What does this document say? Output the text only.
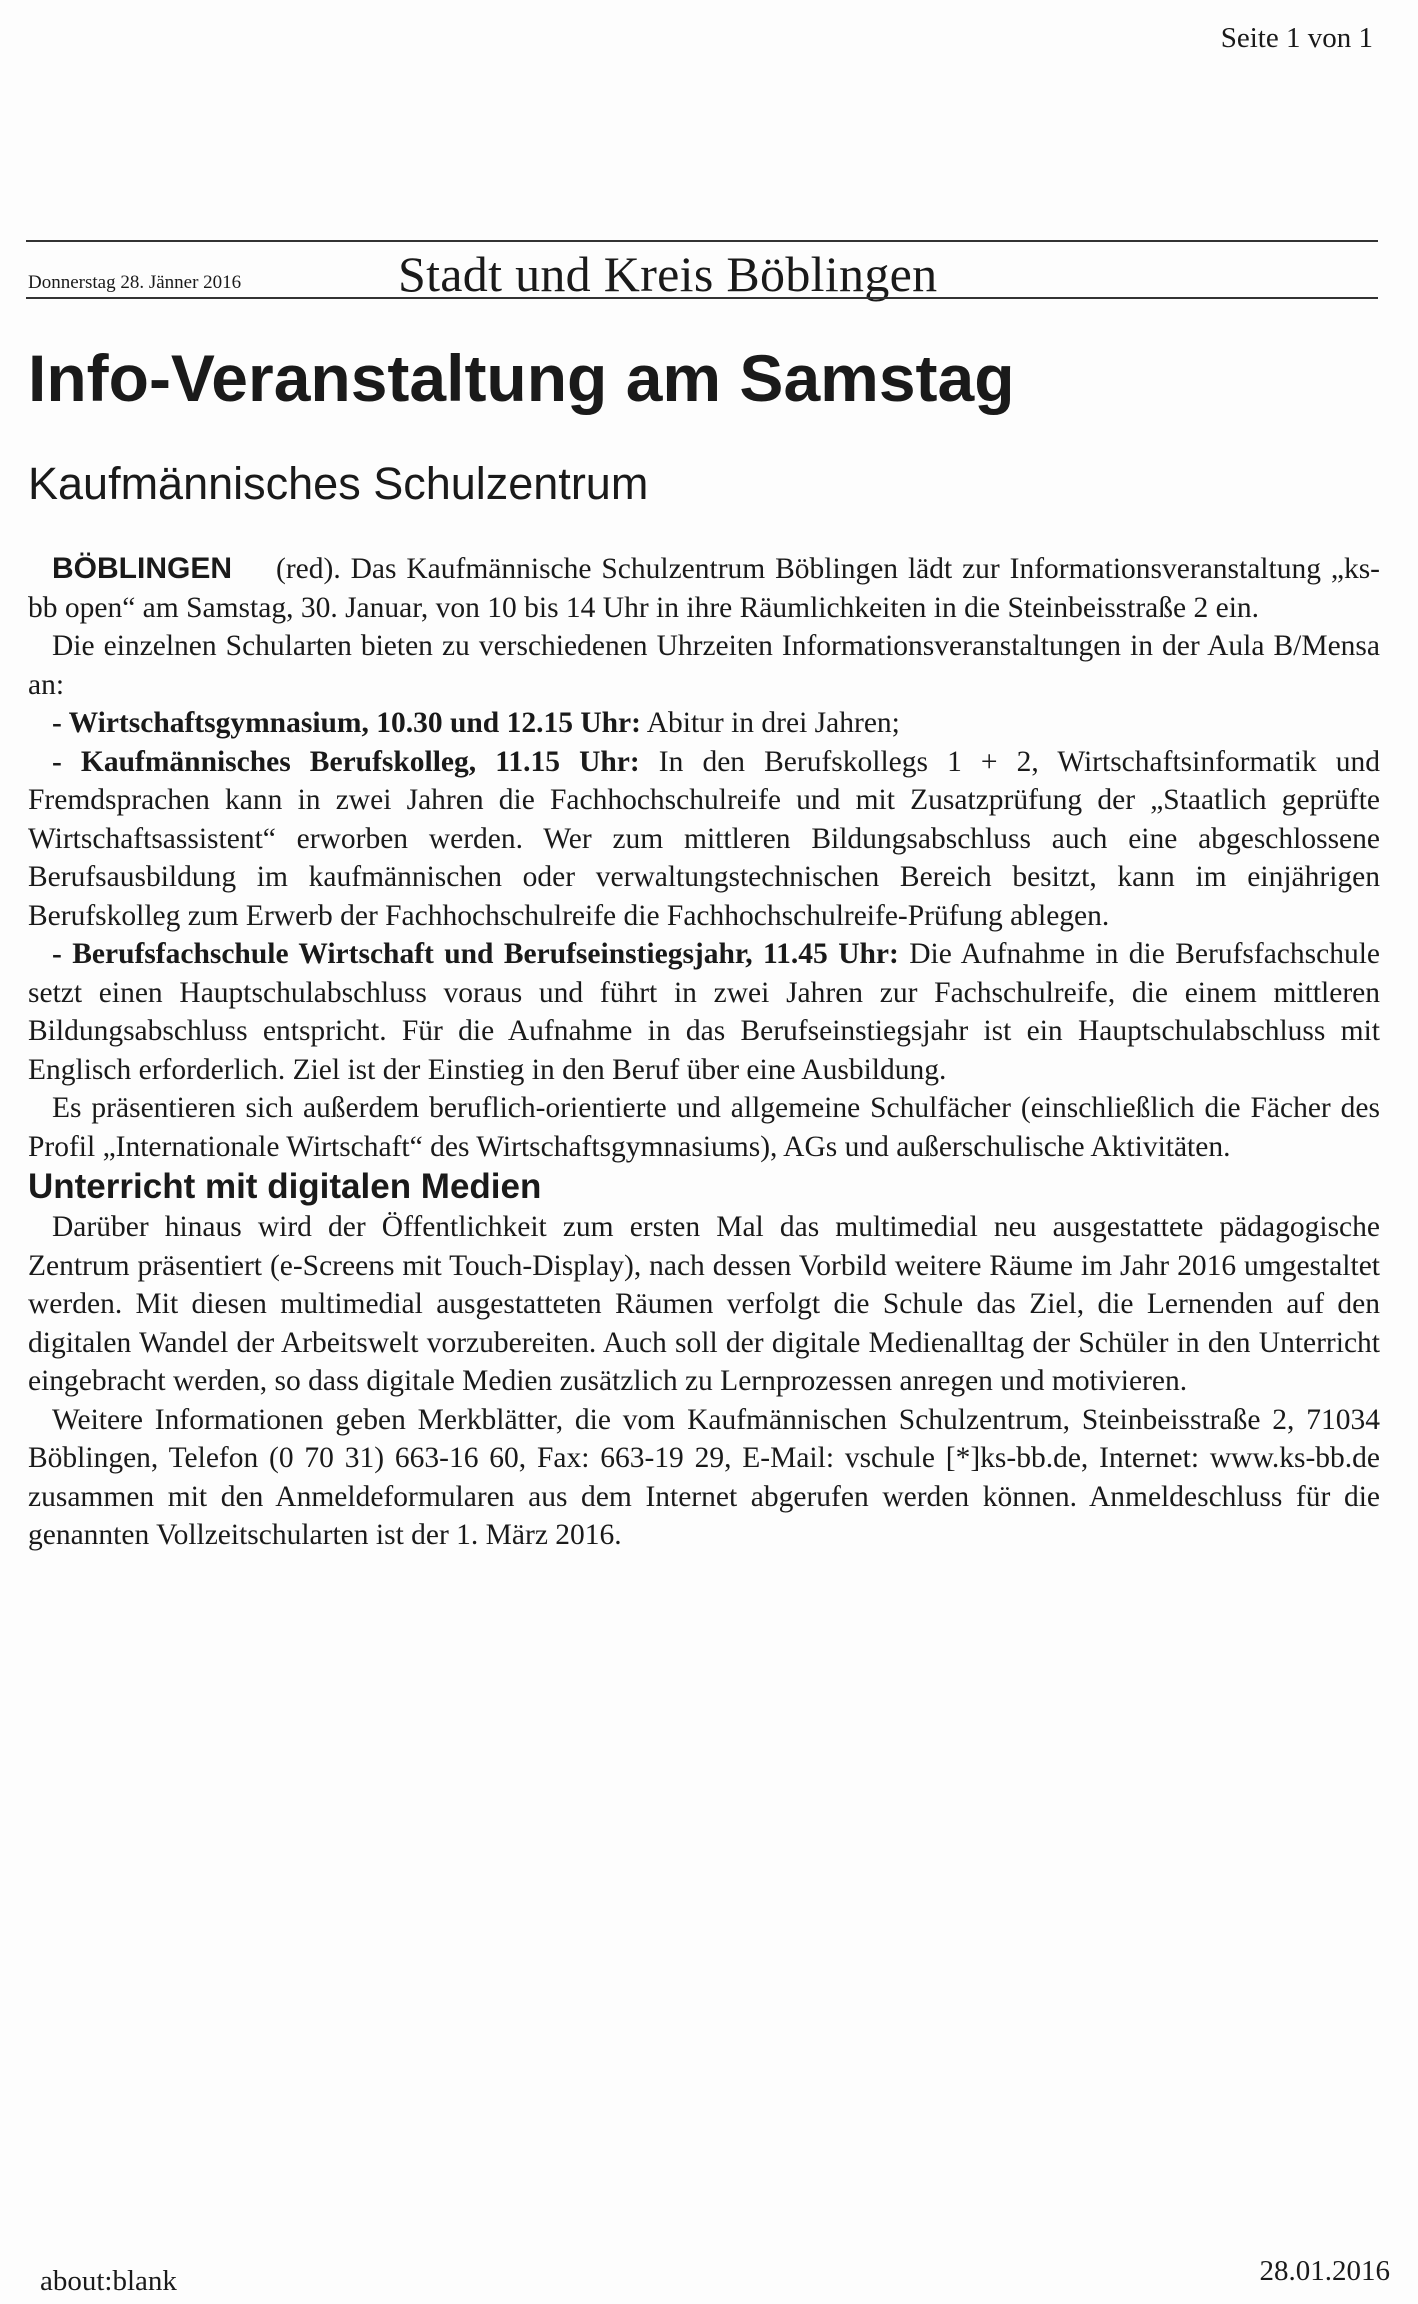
Seite 1 von 1
Donnerstag 28. Jänner 2016	Stadt und Kreis Böblingen
Info-Veranstaltung am Samstag
Kaufmännisches Schulzentrum

BÖBLINGEN (red). Das Kaufmännische Schulzentrum Böblingen lädt zur Informationsveranstaltung „ks-bb open“ am Samstag, 30. Januar, von 10 bis 14 Uhr in ihre Räumlichkeiten in die Steinbeisstraße 2 ein.

Die einzelnen Schularten bieten zu verschiedenen Uhrzeiten Informationsveranstaltungen in der Aula B/Mensa an:

- Wirtschaftsgymnasium, 10.30 und 12.15 Uhr: Abitur in drei Jahren;

- Kaufmännisches Berufskolleg, 11.15 Uhr: In den Berufskollegs 1 + 2, Wirtschaftsinformatik und Fremdsprachen kann in zwei Jahren die Fachhochschulreife und mit Zusatzprüfung der „Staatlich geprüfte Wirtschaftsassistent“ erworben werden. Wer zum mittleren Bildungsabschluss auch eine abgeschlossene Berufsausbildung im kaufmännischen oder verwaltungstechnischen Bereich besitzt, kann im einjährigen Berufskolleg zum Erwerb der Fachhochschulreife die Fachhochschulreife-Prüfung ablegen.

- Berufsfachschule Wirtschaft und Berufseinstiegsjahr, 11.45 Uhr: Die Aufnahme in die Berufsfachschule setzt einen Hauptschulabschluss voraus und führt in zwei Jahren zur Fachschulreife, die einem mittleren Bildungsabschluss entspricht. Für die Aufnahme in das Berufseinstiegsjahr ist ein Hauptschulabschluss mit Englisch erforderlich. Ziel ist der Einstieg in den Beruf über eine Ausbildung.

Es präsentieren sich außerdem beruflich-orientierte und allgemeine Schulfächer (einschließlich die Fächer des Profil „Internationale Wirtschaft“ des Wirtschaftsgymnasiums), AGs und außerschulische Aktivitäten.

Unterricht mit digitalen Medien

Darüber hinaus wird der Öffentlichkeit zum ersten Mal das multimedial neu ausgestattete pädagogische Zentrum präsentiert (e-Screens mit Touch-Display), nach dessen Vorbild weitere Räume im Jahr 2016 umgestaltet werden. Mit diesen multimedial ausgestatteten Räumen verfolgt die Schule das Ziel, die Lernenden auf den digitalen Wandel der Arbeitswelt vorzubereiten. Auch soll der digitale Medienalltag der Schüler in den Unterricht eingebracht werden, so dass digitale Medien zusätzlich zu Lernprozessen anregen und motivieren.

Weitere Informationen geben Merkblätter, die vom Kaufmännischen Schulzentrum, Steinbeisstraße 2, 71034 Böblingen, Telefon (0 70 31) 663-16 60, Fax: 663-19 29, E-Mail: vschule [*]ks-bb.de, Internet: www.ks-bb.de zusammen mit den Anmeldeformularen aus dem Internet abgerufen werden können. Anmeldeschluss für die genannten Vollzeitschularten ist der 1. März 2016.

about:blank	28.01.2016
